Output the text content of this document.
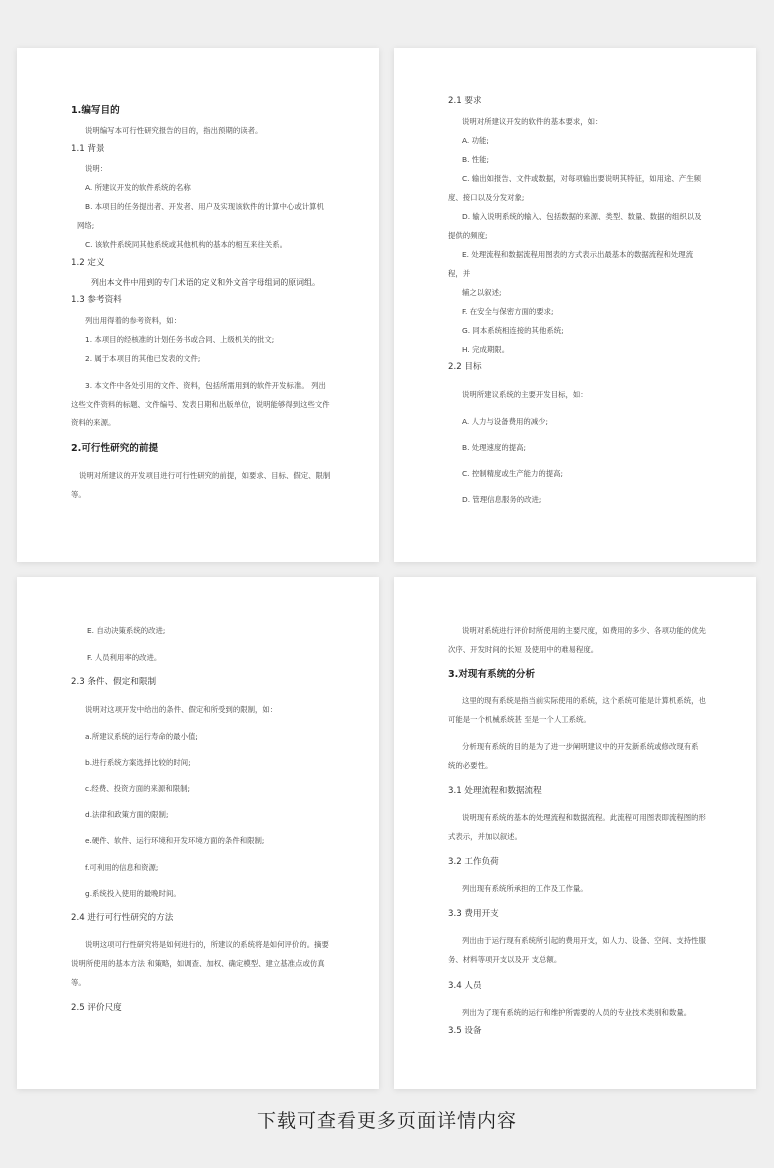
1.编写目的
说明编写本可行性研究报告的目的，指出预期的读者。
1.1 背景
说明：
A. 所建议开发的软件系统的名称
B. 本项目的任务提出者、开发者、用户及实现该软件的计算中心或计算机
网络;
C. 该软件系统同其他系统或其他机构的基本的相互来往关系。
1.2 定义
列出本文件中用到的专门术语的定义和外文首字母组词的原词组。
1.3 参考资料
列出用得着的参考资料，如：
1. 本项目的经核准的计划任务书或合同、上级机关的批文;
2. 属于本项目的其他已发表的文件;
3. 本文件中各处引用的文件、资料，包括所需用到的软件开发标准。 列出
这些文件资料的标题、文件编号、发表日期和出版单位，说明能够得到这些文件
资料的来源。
2.可行性研究的前提
说明对所建议的开发项目进行可行性研究的前提，如要求、目标、假定、限制
等。
2.1 要求
说明对所建议开发的软件的基本要求，如：
A. 功能;
B. 性能;
C. 输出如报告、文件或数据，对每项输出要说明其特征，如用途、产生频
度、接口以及分发对象;
D. 输入说明系统的输入、包括数据的来源、类型、数量、数据的组织以及
提供的频度;
E. 处理流程和数据流程用图表的方式表示出最基本的数据流程和处理流
程，并
辅之以叙述;
F. 在安全与保密方面的要求;
G. 同本系统相连接的其他系统;
H. 完成期限。
2.2 目标
说明所建议系统的主要开发目标，如：
A. 人力与设备费用的减少;
B. 处理速度的提高;
C. 控制精度或生产能力的提高;
D. 管理信息服务的改进;
E. 自动决策系统的改进;
F. 人员利用率的改进。
2.3 条件、假定和限制
说明对这项开发中给出的条件、假定和所受到的限制，如：
a.所建议系统的运行寿命的最小值;
b.进行系统方案选择比较的时间;
c.经费、投资方面的来源和限制;
d.法律和政策方面的限制;
e.硬件、软件、运行环境和开发环境方面的条件和限制;
f.可利用的信息和资源;
g.系统投入使用的最晚时间。
2.4 进行可行性研究的方法
说明这项可行性研究将是如何进行的，所建议的系统将是如何评价的。摘要
说明所使用的基本方法 和策略，如调查、加权、确定模型、建立基准点或仿真
等。
2.5 评价尺度
说明对系统进行评价时所使用的主要尺度，如费用的多少、各项功能的优先
次序、开发时间的长短 及使用中的难易程度。
3.对现有系统的分析
这里的现有系统是指当前实际使用的系统，这个系统可能是计算机系统，也
可能是一个机械系统甚 至是一个人工系统。
分析现有系统的目的是为了进一步阐明建议中的开发新系统或修改现有系
统的必要性。
3.1 处理流程和数据流程
说明现有系统的基本的处理流程和数据流程。此流程可用图表即流程图的形
式表示，并加以叙述。
3.2 工作负荷
列出现有系统所承担的工作及工作量。
3.3 费用开支
列出由于运行现有系统所引起的费用开支，如人力、设备、空间、支持性服
务、材料等项开支以及开 支总额。
3.4 人员
列出为了现有系统的运行和维护所需要的人员的专业技术类别和数量。
3.5 设备
下载可查看更多页面详情内容
